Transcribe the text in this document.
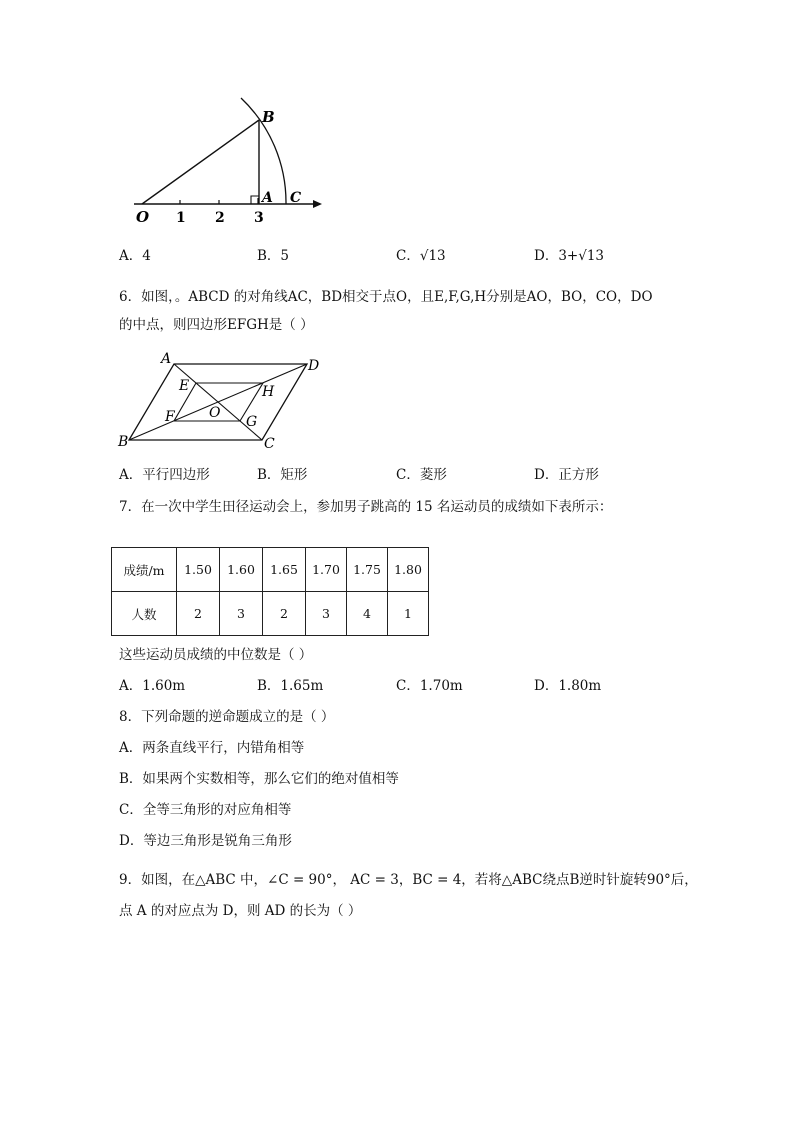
O 1 2 3
A
B
C
A．4	B．5	C．√13	D．3+√13
6．如图，。ABCD 的对角线AC，BD相交于点O，且E,F,G,H分别是AO，BO，CO，DO
的中点，则四边形EFGH是（ ）
A	D
C
B
E	H
G
F O
A．平行四边形	B．矩形	C．菱形	D．正方形
7．在一次中学生田径运动会上，参加男子跳高的 15 名运动员的成绩如下表所示：
成绩/m	1.50	1.60	1.65	1.70	1.75	1.80
人数	2	3	2	3	4	1
这些运动员成绩的中位数是（ ）
A．1.60m	B．1.65m	C．1.70m	D．1.80m
8．下列命题的逆命题成立的是（ ）
A．两条直线平行，内错角相等
B．如果两个实数相等，那么它们的绝对值相等
C．全等三角形的对应角相等
D．等边三角形是锐角三角形
9．如图，在△ABC 中，∠C = 90°， AC = 3，BC = 4，若将△ABC绕点B逆时针旋转90°后，
点 A 的对应点为 D，则 AD 的长为（ ）
